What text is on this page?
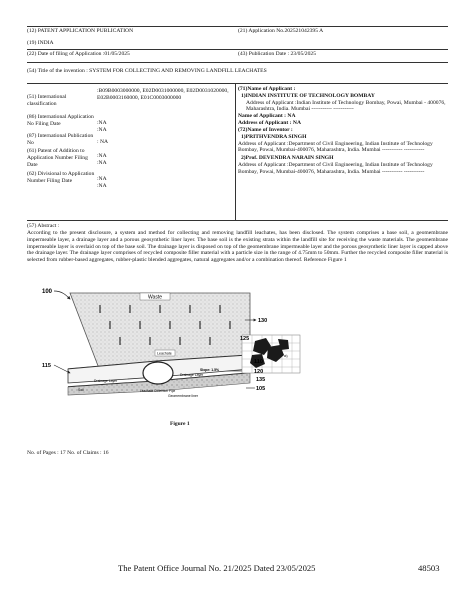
(12) PATENT APPLICATION PUBLICATION	(21) Application No.202521042395 A
(19) INDIA
(22) Date of filing of Application :01/05/2025	(43) Publication Date : 23/05/2025
(54) Title of the invention : SYSTEM FOR COLLECTING AND REMOVING LANDFILL LEACHATES
(51) International classification
:B09B0003000000, E02D0031000000, E02D0031020000, E02B0003160000, E01C0003000000
(86) International Application No Filing Date	:NA
:NA
(87) International Publication No	: NA
(61) Patent of Addition to Application Number Filing Date
:NA
:NA
(62) Divisional to Application Number Filing Date	:NA
:NA
(71)Name of Applicant :
1)INDIAN INSTITUTE OF TECHNOLOGY BOMBAY
Address of Applicant :Indian Institute of Technology Bombay, Powai, Mumbai - 400076, Maharashtra, India. Mumbai ----------- -----------
Name of Applicant : NA
Address of Applicant : NA
(72)Name of Inventor :
1)PRITHVENDRA SINGH
Address of Applicant :Department of Civil Engineering, Indian Institute of Technology Bombay, Powai, Mumbai-400076, Maharashtra, India. Mumbai ----------- -----------
2)Prof. DEVENDRA NARAIN SINGH
Address of Applicant :Department of Civil Engineering, Indian Institute of Technology Bombay, Powai, Mumbai-400076, Maharashtra, India. Mumbai ----------- -----------
(57) Abstract :
According to the present disclosure, a system and method for collecting and removing landfill leachates, has been disclosed. The system comprises a base soil, a geomembrane impermeable layer, a drainage layer and a porous geosynthetic liner layer. The base soil is the existing strata within the landfill site for receiving the waste materials. The geomembrane impermeable layer is overlaid on top of the base soil. The drainage layer is disposed on top of the geomembrane impermeable layer and the porous geosynthetic liner layer is capped above the drainage layer. The drainage layer comprises of recycled composite filler material with a particle size in the range of 4.75mm to 50mm. Further the recycled composite filler material is selected from rubber-based aggregates, rubber-plastic blended aggregates, natural aggregates and/or a combination thereof. Reference Figure 1
100
Waste
Leachate
Drainage Layer
Soil	Leachate Collection Pipe
Slope: 1.5%
Drainage Layer
Geomembrane liner
d₅
130
125
110
120
115
135
105
Figure 1
No. of Pages : 17 No. of Claims : 16
The Patent Office Journal No. 21/2025 Dated 23/05/2025	48503
